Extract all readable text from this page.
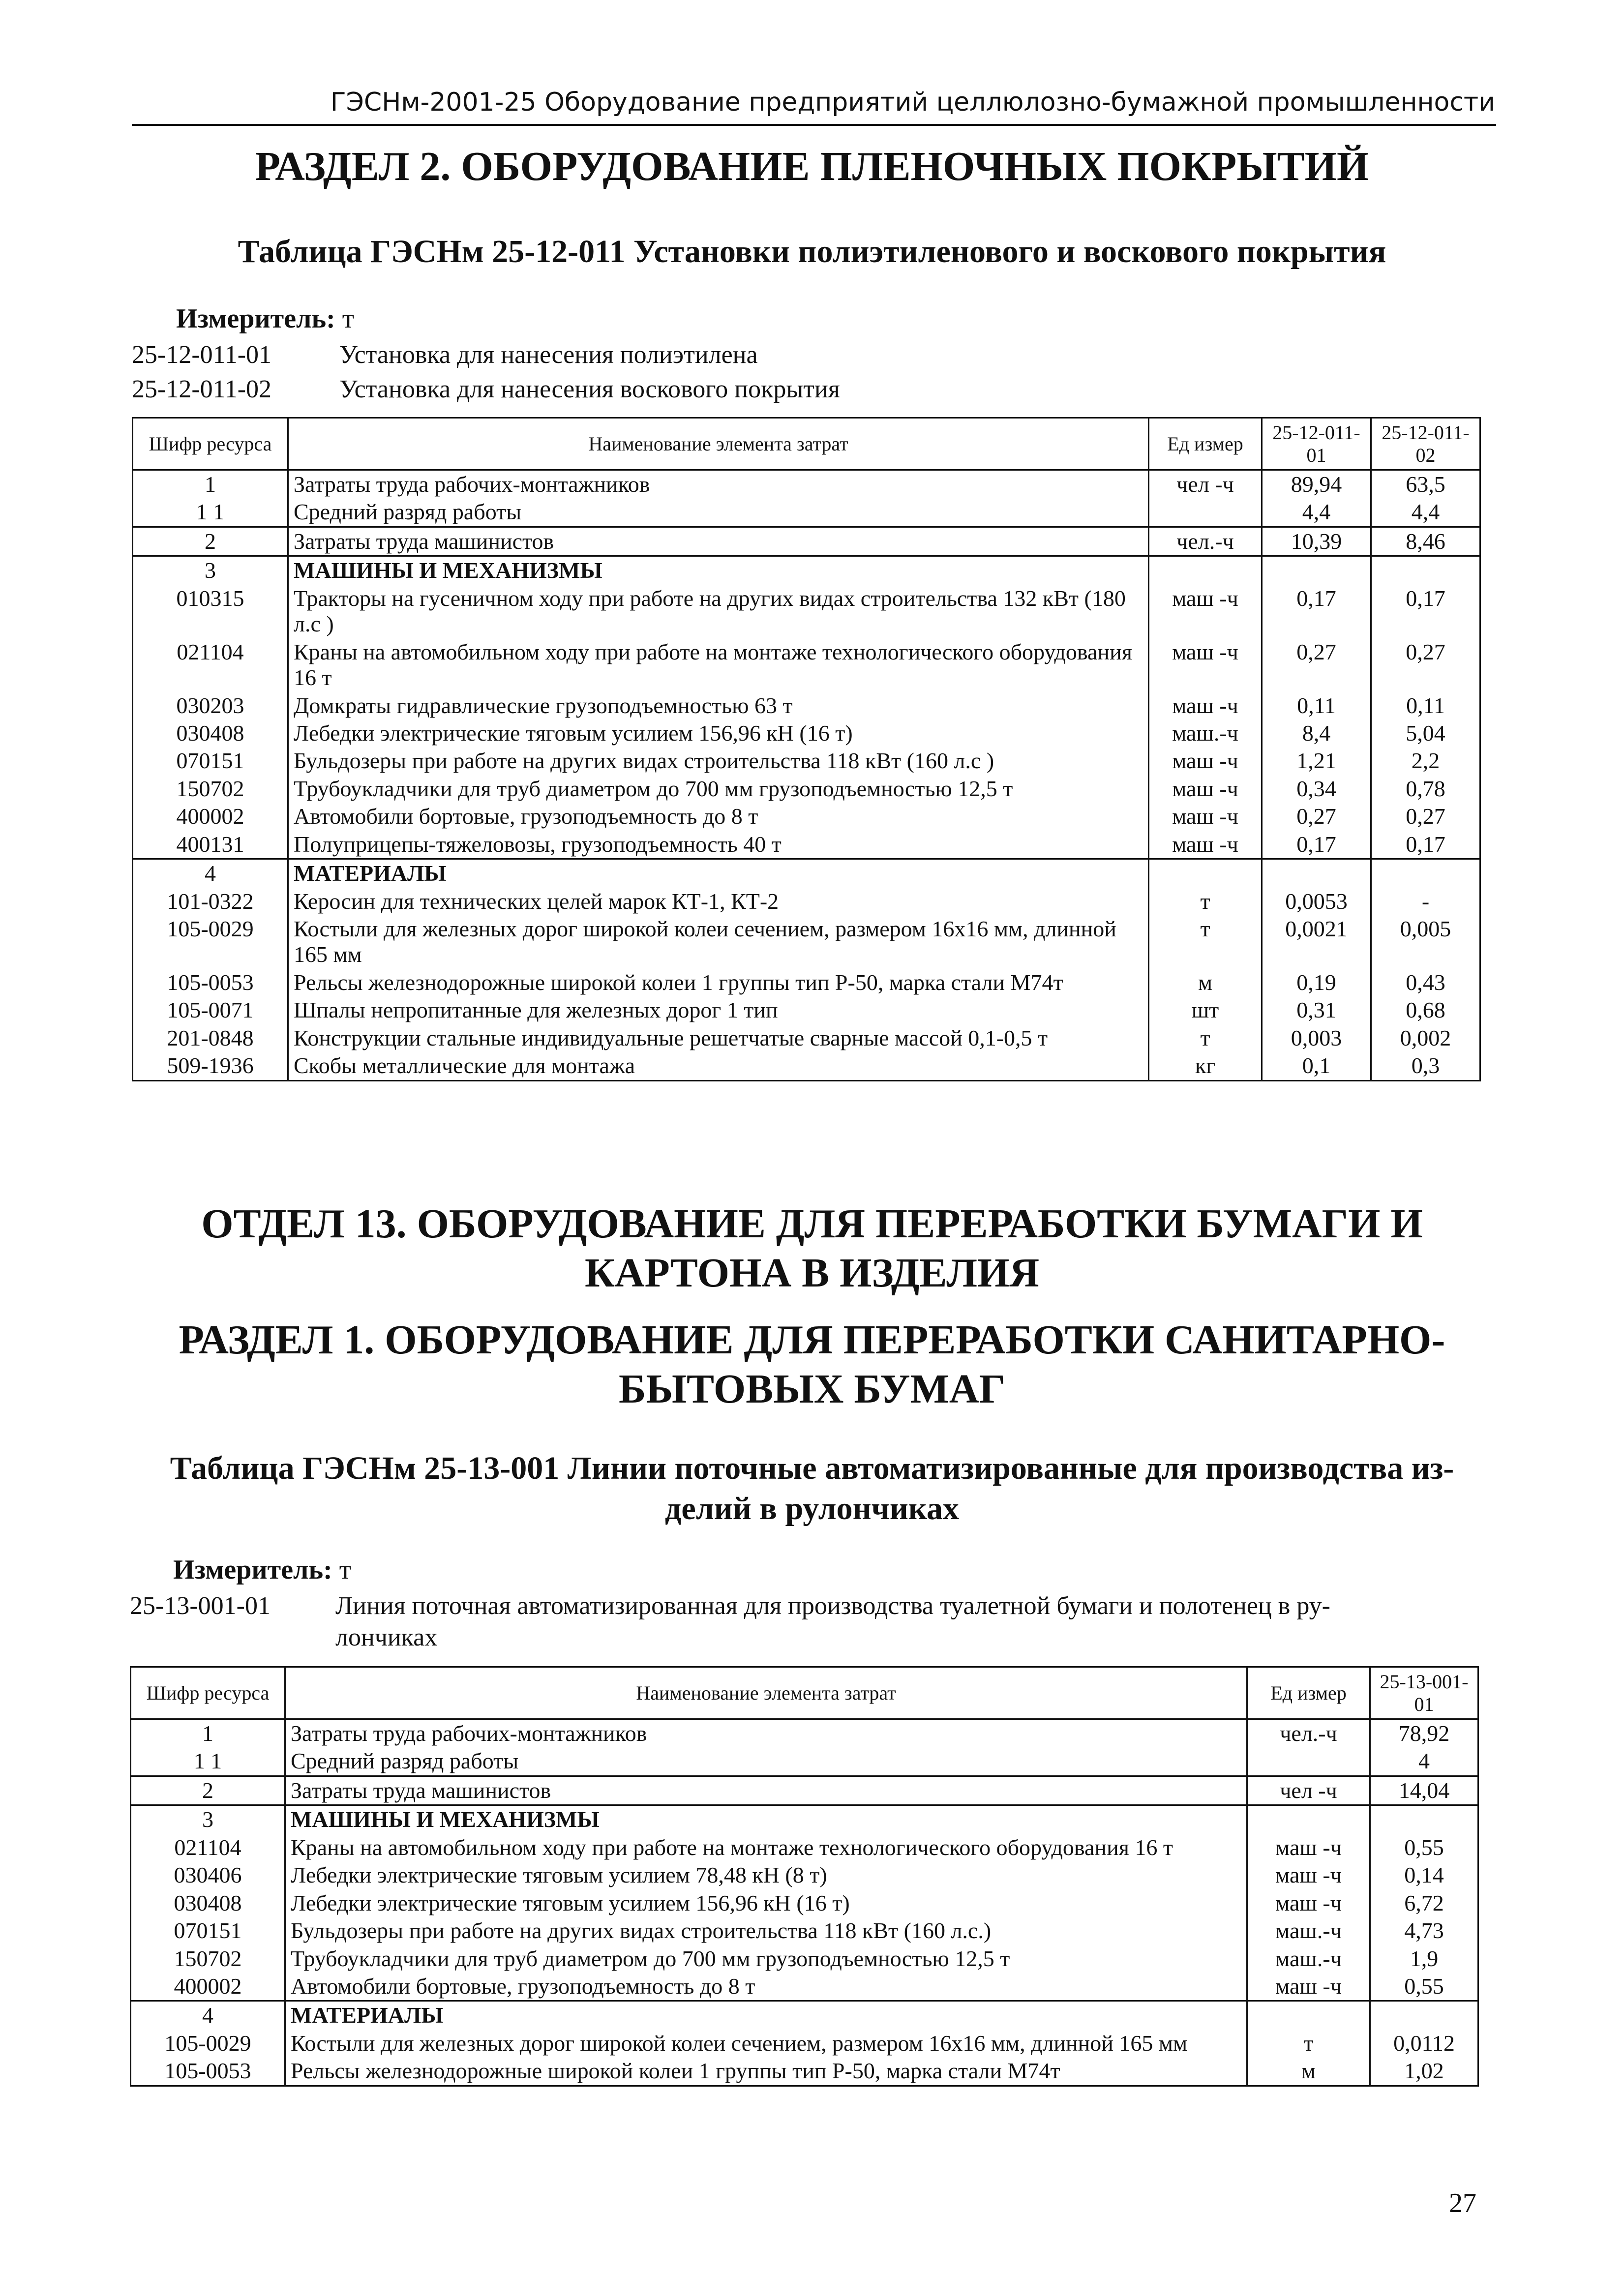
ГЭСНм-2001-25 Оборудование предприятий целлюлозно-бумажной промышленности
РАЗДЕЛ 2. ОБОРУДОВАНИЕ ПЛЕНОЧНЫХ ПОКРЫТИЙ
Таблица ГЭСНм 25-12-011 Установки полиэтиленового и воскового покрытия
Измеритель: т
25-12-011-01	Установка для нанесения полиэтилена
25-12-011-02	Установка для нанесения воскового покрытия
Шифр ресурса	Наименование элемента затрат	Ед измер	25-12-011-01	25-12-011-02
1	Затраты труда рабочих-монтажников	чел -ч	89,94	63,5
1 1	Средний разряд работы		4,4	4,4
2	Затраты труда машинистов	чел.-ч	10,39	8,46
3	МАШИНЫ И МЕХАНИЗМЫ			
010315	Тракторы на гусеничном ходу при работе на других видах строительства 132 кВт (180 л.с )	маш -ч	0,17	0,17
021104	Краны на автомобильном ходу при работе на монтаже технологического оборудования 16 т	маш -ч	0,27	0,27
030203	Домкраты гидравлические грузоподъемностью 63 т	маш -ч	0,11	0,11
030408	Лебедки электрические тяговым усилием 156,96 кН (16 т)	маш.-ч	8,4	5,04
070151	Бульдозеры при работе на других видах строительства 118 кВт (160 л.с )	маш -ч	1,21	2,2
150702	Трубоукладчики для труб диаметром до 700 мм грузоподъемностью 12,5 т	маш -ч	0,34	0,78
400002	Автомобили бортовые, грузоподъемность до 8 т	маш -ч	0,27	0,27
400131	Полуприцепы-тяжеловозы, грузоподъемность 40 т	маш -ч	0,17	0,17
4	МАТЕРИАЛЫ			
101-0322	Керосин для технических целей марок КТ-1, КТ-2	т	0,0053	-
105-0029	Костыли для железных дорог широкой колеи сечением, размером 16x16 мм, длинной 165 мм	т	0,0021	0,005
105-0053	Рельсы железнодорожные широкой колеи 1 группы тип Р-50, марка стали М74т	м	0,19	0,43
105-0071	Шпалы непропитанные для железных дорог 1 тип	шт	0,31	0,68
201-0848	Конструкции стальные индивидуальные решетчатые сварные массой 0,1-0,5 т	т	0,003	0,002
509-1936	Скобы металлические для монтажа	кг	0,1	0,3
ОТДЕЛ 13. ОБОРУДОВАНИЕ ДЛЯ ПЕРЕРАБОТКИ БУМАГИ И
КАРТОНА В ИЗДЕЛИЯ
РАЗДЕЛ 1. ОБОРУДОВАНИЕ ДЛЯ ПЕРЕРАБОТКИ САНИТАРНО-
БЫТОВЫХ БУМАГ
Таблица ГЭСНм 25-13-001 Линии поточные автоматизированные для производства из-
делий в рулончиках
Измеритель: т
25-13-001-01	Линия поточная автоматизированная для производства туалетной бумаги и полотенец в ру-
лончиках
Шифр ресурса	Наименование элемента затрат	Ед измер	25-13-001-01
1	Затраты труда рабочих-монтажников	чел.-ч	78,92
1 1	Средний разряд работы		4
2	Затраты труда машинистов	чел -ч	14,04
3	МАШИНЫ И МЕХАНИЗМЫ		
021104	Краны на автомобильном ходу при работе на монтаже технологического оборудования 16 т	маш -ч	0,55
030406	Лебедки электрические тяговым усилием 78,48 кН (8 т)	маш -ч	0,14
030408	Лебедки электрические тяговым усилием 156,96 кН (16 т)	маш -ч	6,72
070151	Бульдозеры при работе на других видах строительства 118 кВт (160 л.с.)	маш.-ч	4,73
150702	Трубоукладчики для труб диаметром до 700 мм грузоподъемностью 12,5 т	маш.-ч	1,9
400002	Автомобили бортовые, грузоподъемность до 8 т	маш -ч	0,55
4	МАТЕРИАЛЫ		
105-0029	Костыли для железных дорог широкой колеи сечением, размером 16x16 мм, длинной 165 мм	т	0,0112
105-0053	Рельсы железнодорожные широкой колеи 1 группы тип Р-50, марка стали М74т	м	1,02
27
